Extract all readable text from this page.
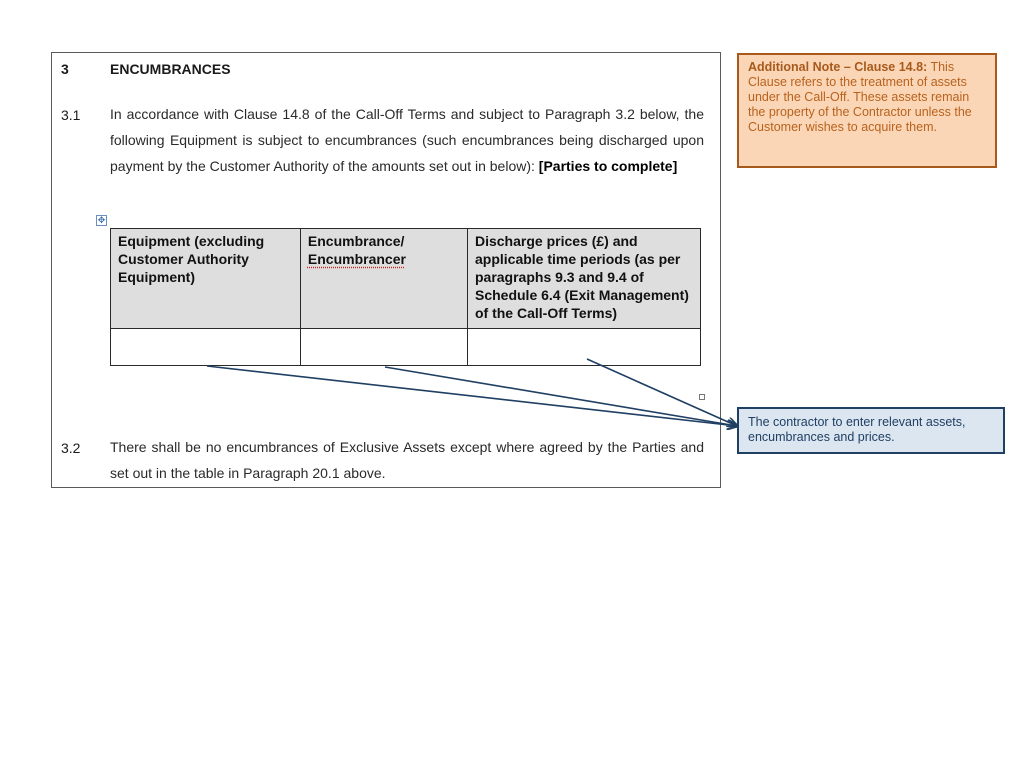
3	ENCUMBRANCES
3.1 In accordance with Clause 14.8 of the Call-Off Terms and subject to Paragraph 3.2 below, the following Equipment is subject to encumbrances (such encumbrances being discharged upon payment by the Customer Authority of the amounts set out in below): [Parties to complete]
✥
Equipment (excluding Customer Authority Equipment)	Encumbrance/ Encumbrancer	Discharge prices (£) and applicable time periods (as per paragraphs 9.3 and 9.4 of Schedule 6.4 (Exit Management) of the Call-Off Terms)

3.2 There shall be no encumbrances of Exclusive Assets except where agreed by the Parties and set out in the table in Paragraph 20.1 above.
Additional Note – Clause 14.8: This Clause refers to the treatment of assets under the Call-Off. These assets remain the property of the Contractor unless the Customer wishes to acquire them.
The contractor to enter relevant assets, encumbrances and prices.
